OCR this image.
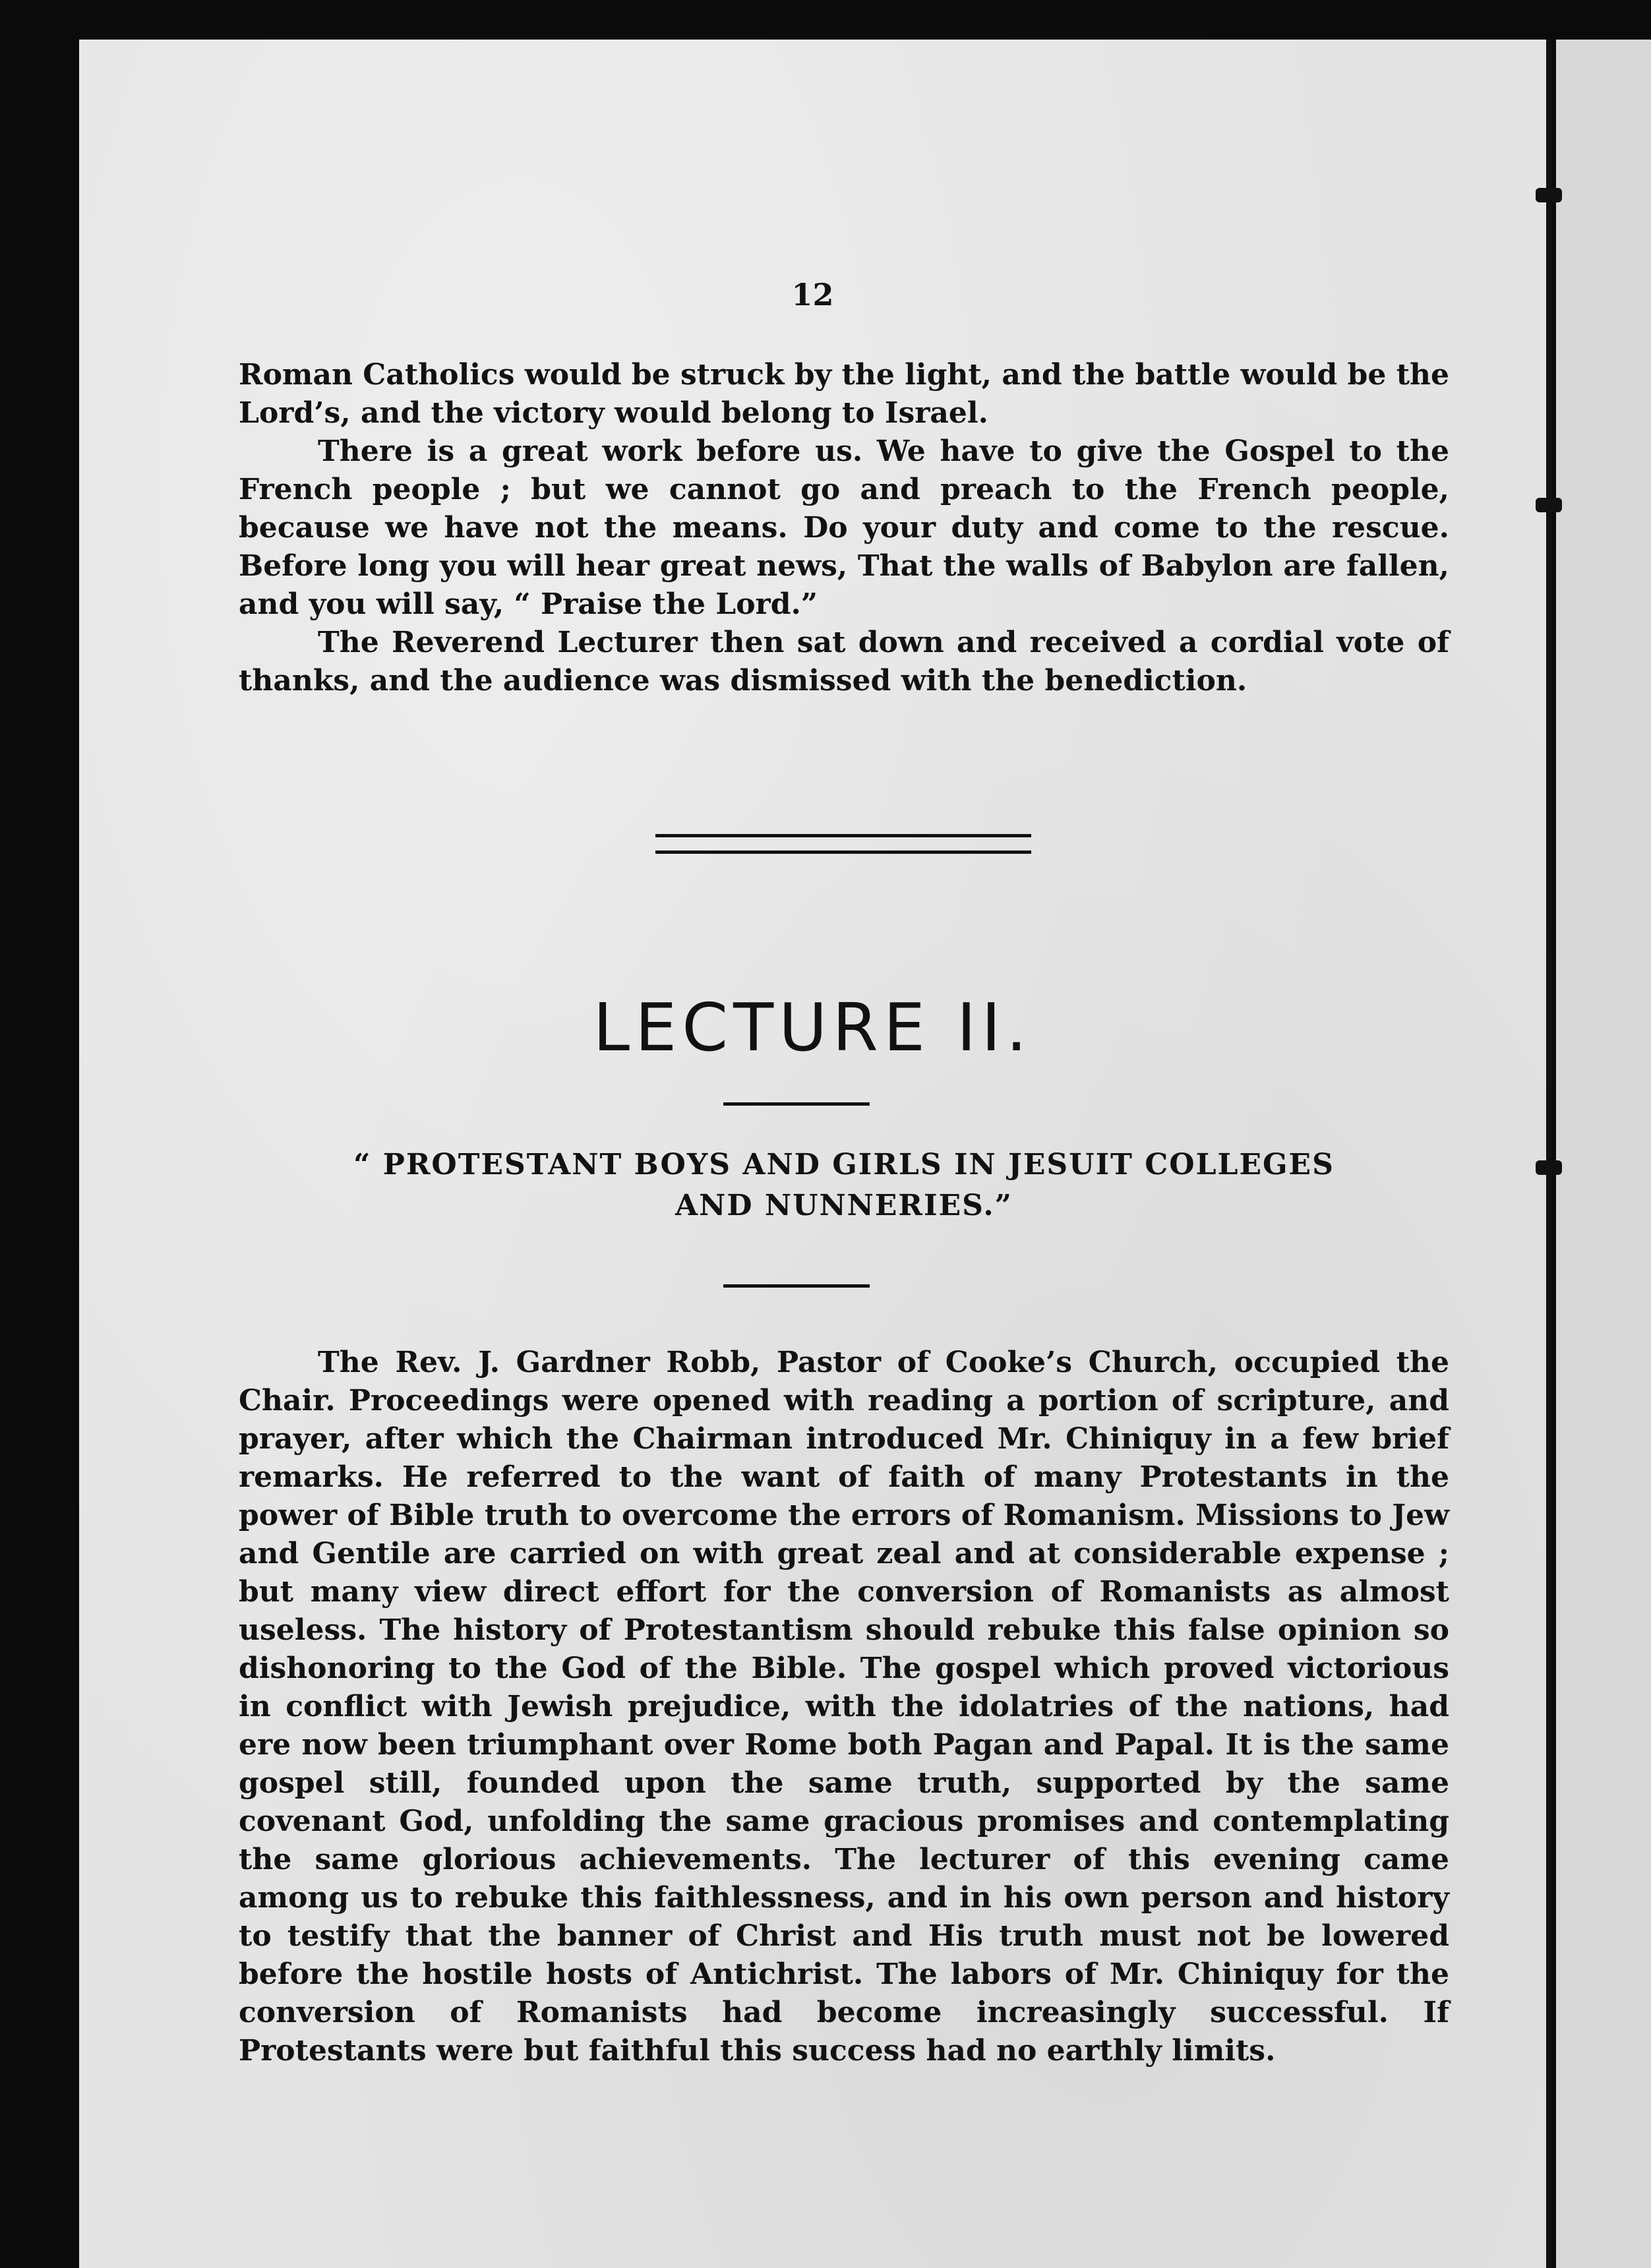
12

Roman Catholics would be struck by the light, and the battle would be the Lord’s, and the victory would belong to Israel.

There is a great work before us. We have to give the Gospel to the French people ; but we cannot go and preach to the French people, because we have not the means. Do your duty and come to the rescue. Before long you will hear great news, That the walls of Babylon are fallen, and you will say, “ Praise the Lord.”

The Reverend Lecturer then sat down and received a cordial vote of thanks, and the audience was dismissed with the benediction.

LECTURE II.
“ PROTESTANT BOYS AND GIRLS IN JESUIT COLLEGES
AND NUNNERIES.”

The Rev. J. Gardner Robb, Pastor of Cooke’s Church, occupied the Chair. Proceedings were opened with reading a portion of scripture, and prayer, after which the Chairman introduced Mr. Chiniquy in a few brief remarks. He referred to the want of faith of many Protestants in the power of Bible truth to overcome the errors of Romanism. Missions to Jew and Gentile are carried on with great zeal and at considerable expense ; but many view direct effort for the conversion of Romanists as almost useless. The history of Protestantism should rebuke this false opinion so dishonoring to the God of the Bible. The gospel which proved victorious in conflict with Jewish prejudice, with the idolatries of the nations, had ere now been triumphant over Rome both Pagan and Papal. It is the same gospel still, founded upon the same truth, supported by the same covenant God, unfolding the same gracious promises and contemplating the same glorious achievements. The lecturer of this evening came among us to rebuke this faithlessness, and in his own person and history to testify that the banner of Christ and His truth must not be lowered before the hostile hosts of Antichrist. The labors of Mr. Chiniquy for the conversion of Romanists had become increasingly successful. If Protestants were but faithful this success had no earthly limits.
